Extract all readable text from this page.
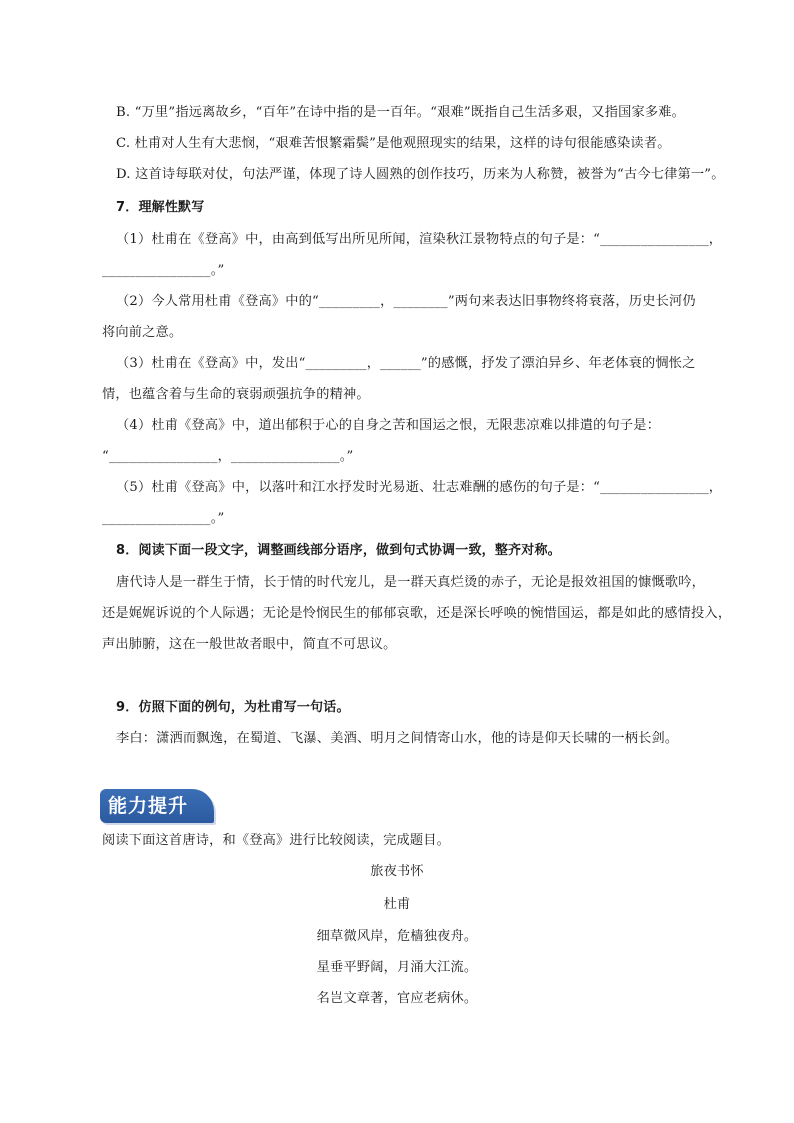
B. “万里”指远离故乡，“百年”在诗中指的是一百年。“艰难”既指自己生活多艰，又指国家多难。
C. 杜甫对人生有大悲悯，“艰难苦恨繁霜鬓”是他观照现实的结果，这样的诗句很能感染读者。
D. 这首诗每联对仗，句法严谨，体现了诗人圆熟的创作技巧，历来为人称赞，被誉为“古今七律第一”。
7．理解性默写
（1）杜甫在《登高》中，由高到低写出所见所闻，渲染秋江景物特点的句子是：“________________，
________________。”
（2）今人常用杜甫《登高》中的“_________，________”两句来表达旧事物终将衰落，历史长河仍
将向前之意。
（3）杜甫在《登高》中，发出“_________，______”的感慨，抒发了漂泊异乡、年老体衰的惆怅之
情，也蕴含着与生命的衰弱顽强抗争的精神。
（4）杜甫《登高》中，道出郁积于心的自身之苦和国运之恨，无限悲凉难以排遣的句子是：
“________________，________________。”
（5）杜甫《登高》中，以落叶和江水抒发时光易逝、壮志难酬的感伤的句子是：“________________，
________________。”
8．阅读下面一段文字，调整画线部分语序，做到句式协调一致，整齐对称。
唐代诗人是一群生于情，长于情的时代宠儿，是一群天真烂烫的赤子，无论是报效祖国的慷慨歌吟，
还是娓娓诉说的个人际遇；无论是怜悯民生的郁郁哀歌，还是深长呼唤的惋惜国运，都是如此的感情投入，
声出肺腑，这在一般世故者眼中，简直不可思议。
9．仿照下面的例句，为杜甫写一句话。
李白：潇洒而飘逸，在蜀道、飞瀑、美酒、明月之间情寄山水，他的诗是仰天长啸的一柄长剑。
能力提升
阅读下面这首唐诗，和《登高》进行比较阅读，完成题目。
旅夜书怀
杜甫
细草微风岸，危樯独夜舟。
星垂平野阔，月涌大江流。
名岂文章著，官应老病休。
